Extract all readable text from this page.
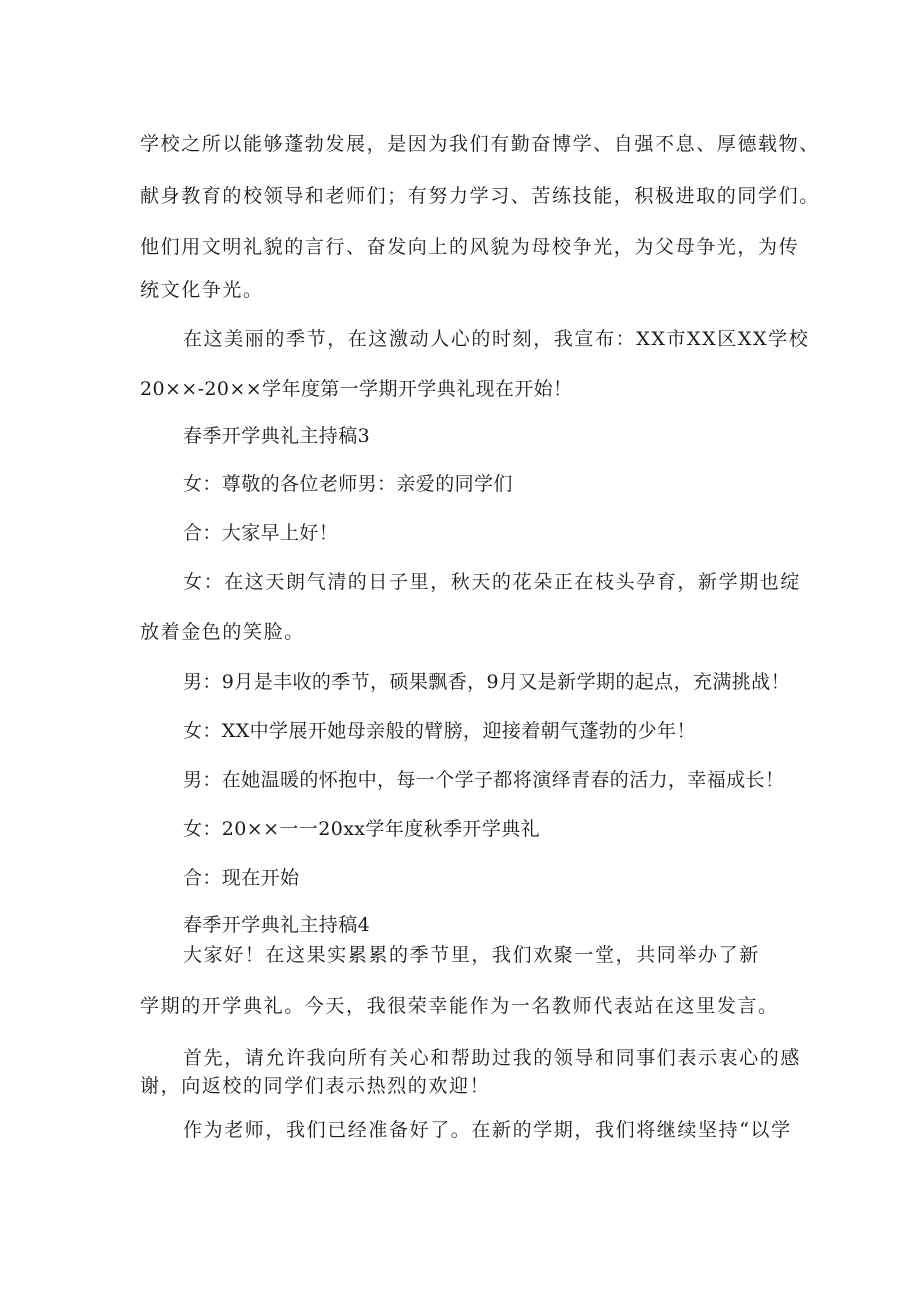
学校之所以能够蓬勃发展，是因为我们有勤奋博学、自强不息、厚德载物、
献身教育的校领导和老师们；有努力学习、苦练技能，积极进取的同学们。
他们用文明礼貌的言行、奋发向上的风貌为母校争光，为父母争光，为传
统文化争光。
在这美丽的季节，在这激动人心的时刻，我宣布：XX市XX区XX学校
20××-20××学年度第一学期开学典礼现在开始！
春季开学典礼主持稿3
女：尊敬的各位老师男：亲爱的同学们
合：大家早上好！
女：在这天朗气清的日子里，秋天的花朵正在枝头孕育，新学期也绽
放着金色的笑脸。
男：9月是丰收的季节，硕果飘香，9月又是新学期的起点，充满挑战！
女：XX中学展开她母亲般的臂膀，迎接着朝气蓬勃的少年！
男：在她温暖的怀抱中，每一个学子都将演绎青春的活力，幸福成长！
女：20××一一20xx学年度秋季开学典礼
合：现在开始
春季开学典礼主持稿4
大家好！在这果实累累的季节里，我们欢聚一堂，共同举办了新
学期的开学典礼。今天，我很荣幸能作为一名教师代表站在这里发言。
首先，请允许我向所有关心和帮助过我的领导和同事们表示衷心的感
谢，向返校的同学们表示热烈的欢迎！
作为老师，我们已经准备好了。在新的学期，我们将继续坚持“以学
